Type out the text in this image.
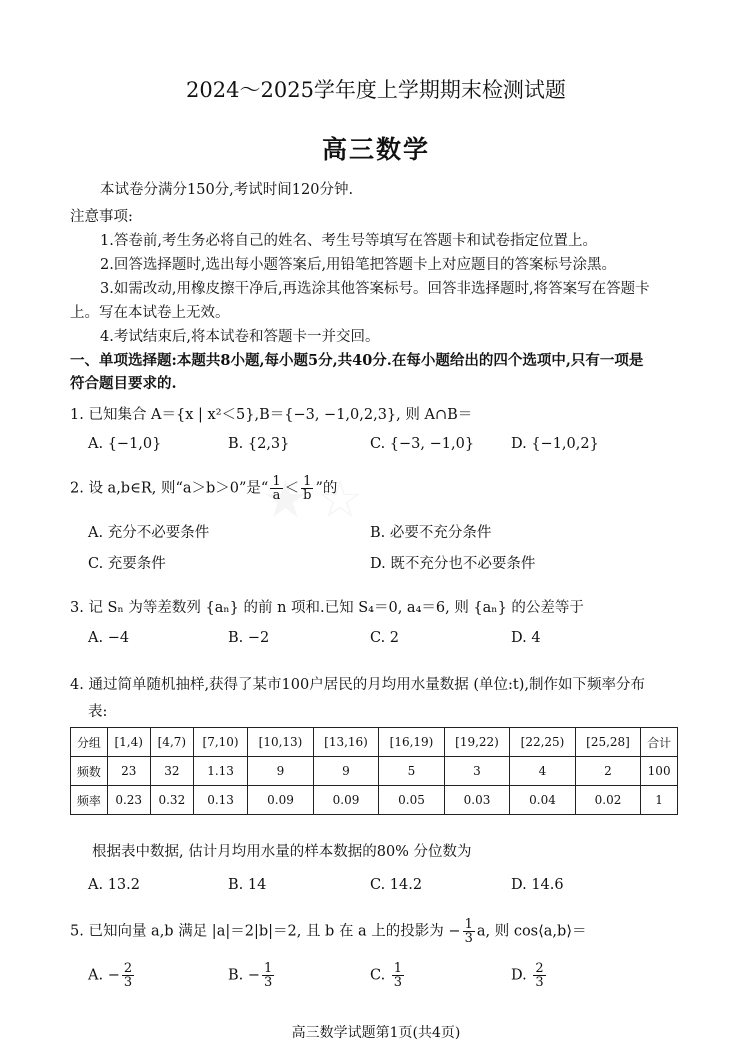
2024～2025学年度上学期期末检测试题
高三数学
本试卷分满分150分,考试时间120分钟.
注意事项:
1.答卷前,考生务必将自己的姓名、考生号等填写在答题卡和试卷指定位置上。
2.回答选择题时,选出每小题答案后,用铅笔把答题卡上对应题目的答案标号涂黑。
3.如需改动,用橡皮擦干净后,再选涂其他答案标号。回答非选择题时,将答案写在答题卡
上。写在本试卷上无效。
4.考试结束后,将本试卷和答题卡一并交回。
一、单项选择题:本题共8小题,每小题5分,共40分.在每小题给出的四个选项中,只有一项是
符合题目要求的.
1. 已知集合 A＝{x | x²＜5},B＝{−3, −1,0,2,3}, 则 A∩B＝
A. {−1,0}	B. {2,3}	C. {−3, −1,0}	D. {−1,0,2}
2. 设 a,b∈R, 则“a＞b＞0”是“ $\frac{1}{a} < \frac{1}{b}$ ”的
A. 充分不必要条件	B. 必要不充分条件
C. 充要条件	D. 既不充分也不必要条件
3. 记 Sₙ 为等差数列 {aₙ} 的前 n 项和.已知 S₄＝0, a₄＝6, 则 {aₙ} 的公差等于
A. −4	B. −2	C. 2	D. 4
4. 通过简单随机抽样,获得了某市100户居民的月均用水量数据 (单位:t),制作如下频率分布
表:
分组	[1,4)	[4,7)	[7,10)	[10,13)	[13,16)	[16,19)	[19,22)	[22,25)	[25,28]	合计
频数	23	32	1.13	9	9	5	3	4	2	100
频率	0.23	0.32	0.13	0.09	0.09	0.05	0.03	0.04	0.02	1
根据表中数据, 估计月均用水量的样本数据的80% 分位数为
A. 13.2	B. 14	C. 14.2	D. 14.6
5. 已知向量 a,b 满足 |a|＝2|b|＝2, 且 b 在 a 上的投影为 − $\frac{1}{3} a$, 则 cos⟨a,b⟩＝
A. − $\frac{2}{3}$	B. − $\frac{1}{3}$	C. $\frac{1}{3}$	D. $\frac{2}{3}$
高三数学试题第1页(共4页)
